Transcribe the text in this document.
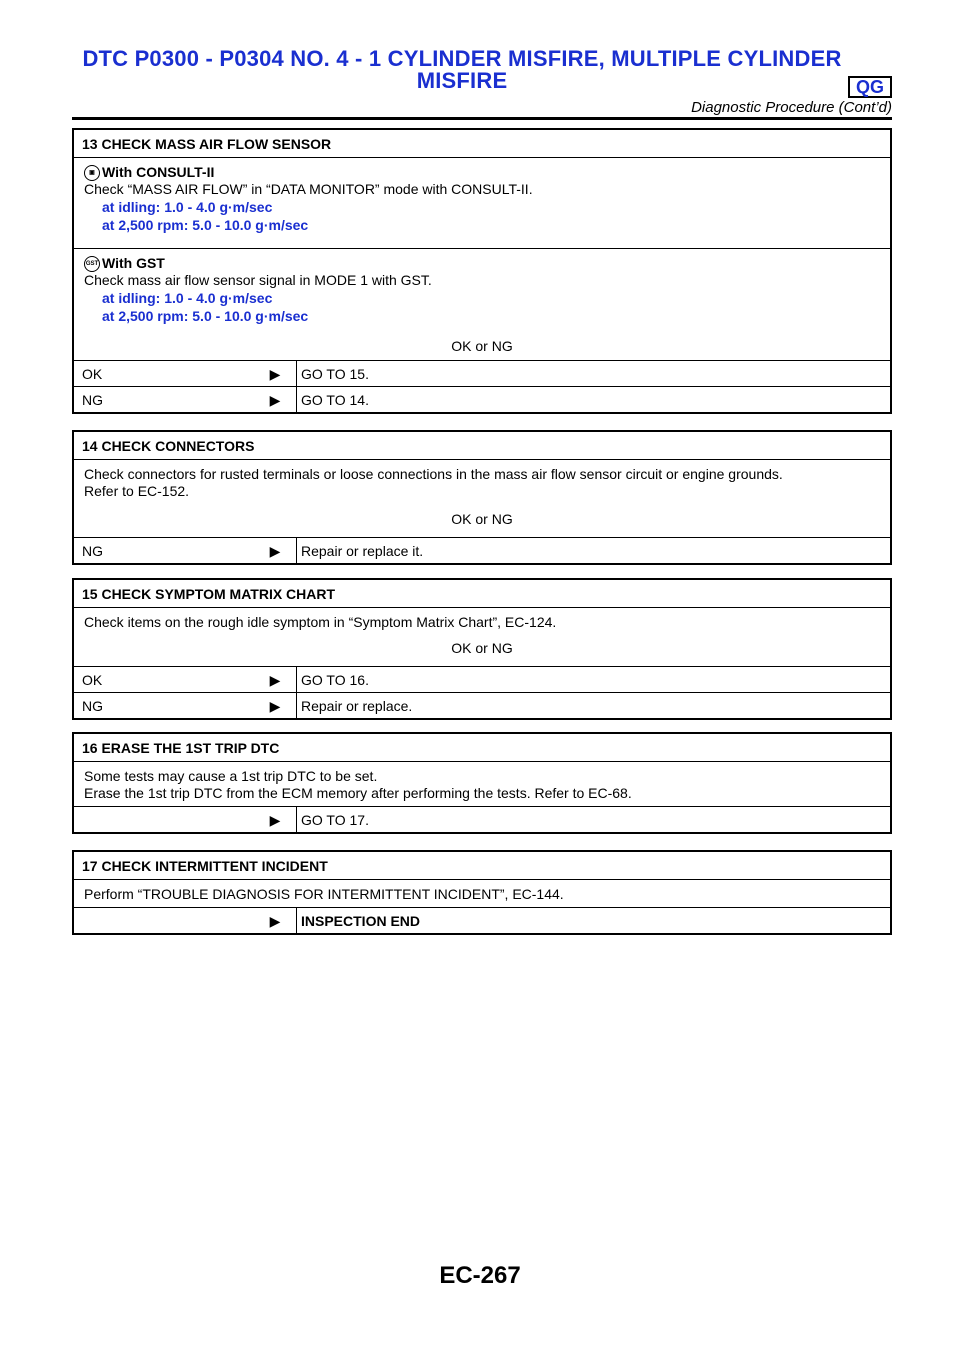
DTC P0300 - P0304 NO. 4 - 1 CYLINDER MISFIRE, MULTIPLE CYLINDER
MISFIRE	QG
Diagnostic Procedure (Cont’d)
13 CHECK MASS AIR FLOW SENSOR
▣ With CONSULT-II
Check “MASS AIR FLOW” in “DATA MONITOR” mode with CONSULT-II.
at idling: 1.0 - 4.0 g·m/sec
at 2,500 rpm: 5.0 - 10.0 g·m/sec
GST With GST
Check mass air flow sensor signal in MODE 1 with GST.
at idling: 1.0 - 4.0 g·m/sec
at 2,500 rpm: 5.0 - 10.0 g·m/sec
OK or NG
OK	▶	GO TO 15.
NG	▶	GO TO 14.
14 CHECK CONNECTORS
Check connectors for rusted terminals or loose connections in the mass air flow sensor circuit or engine grounds.
Refer to EC-152.
OK or NG
NG	▶	Repair or replace it.
15 CHECK SYMPTOM MATRIX CHART
Check items on the rough idle symptom in “Symptom Matrix Chart”, EC-124.
OK or NG
OK	▶	GO TO 16.
NG	▶	Repair or replace.
16 ERASE THE 1ST TRIP DTC
Some tests may cause a 1st trip DTC to be set.
Erase the 1st trip DTC from the ECM memory after performing the tests. Refer to EC-68.
▶	GO TO 17.
17 CHECK INTERMITTENT INCIDENT
Perform “TROUBLE DIAGNOSIS FOR INTERMITTENT INCIDENT”, EC-144.
▶	INSPECTION END
EC-267
